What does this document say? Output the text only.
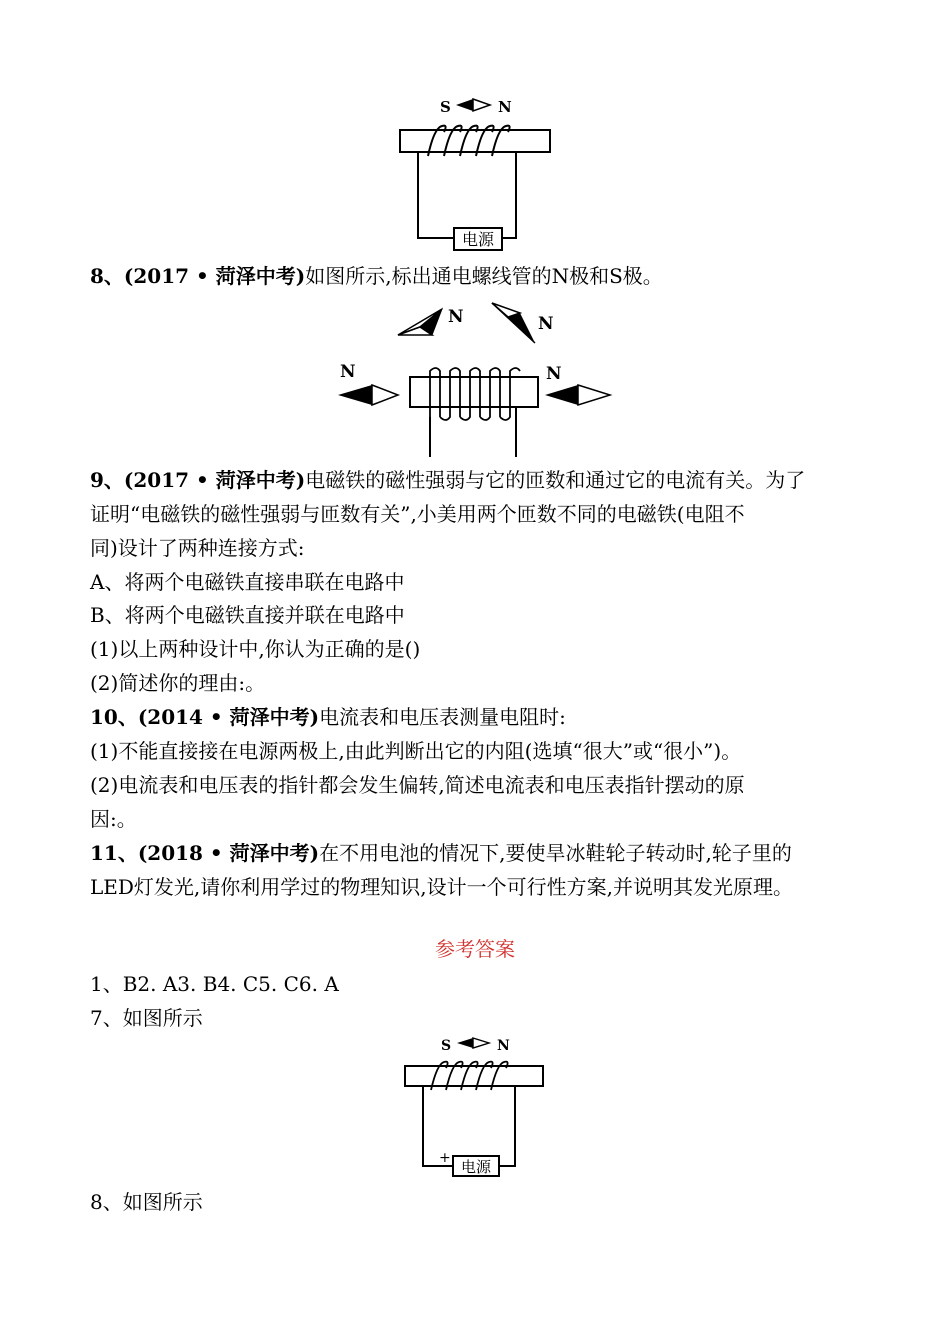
S	N
电源
8、(2017 • 菏泽中考)如图所示,标出通电螺线管的N极和S极。
N	N
N	N
9、(2017 • 菏泽中考)电磁铁的磁性强弱与它的匝数和通过它的电流有关。为了
证明“电磁铁的磁性强弱与匝数有关”,小美用两个匝数不同的电磁铁(电阻不
同)设计了两种连接方式:
A、将两个电磁铁直接串联在电路中
B、将两个电磁铁直接并联在电路中
(1)以上两种设计中,你认为正确的是()
(2)简述你的理由:。
10、(2014 • 菏泽中考)电流表和电压表测量电阻时:
(1)不能直接接在电源两极上,由此判断出它的内阻(选填“很大”或“很小”)。
(2)电流表和电压表的指针都会发生偏转,简述电流表和电压表指针摆动的原
因:。
11、(2018 • 菏泽中考)在不用电池的情况下,要使旱冰鞋轮子转动时,轮子里的
LED灯发光,请你利用学过的物理知识,设计一个可行性方案,并说明其发光原理。
参考答案
1、B2. A3. B4. C5. C6. A
7、如图所示
S	N
+ 电源
8、如图所示
